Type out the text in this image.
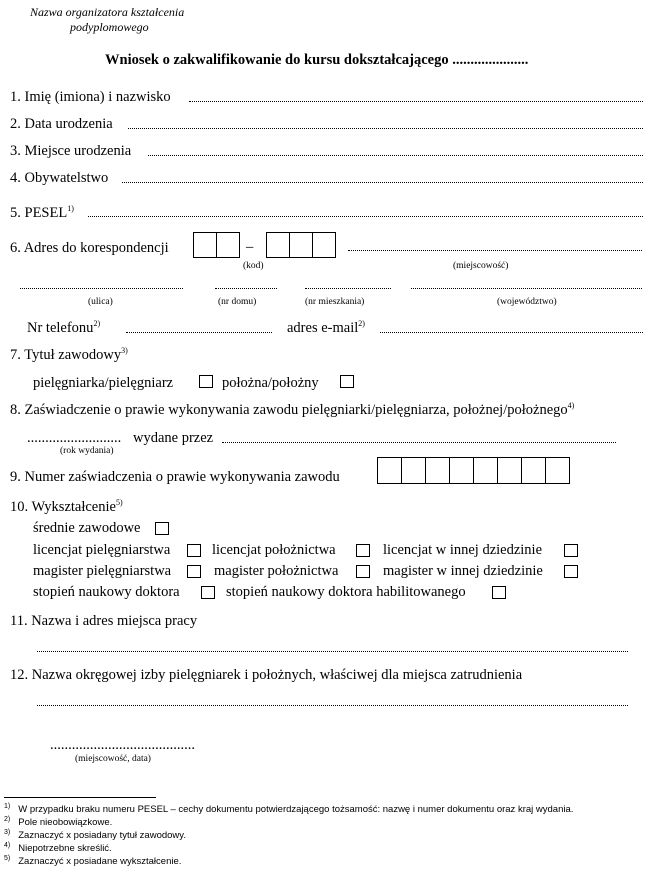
Nazwa organizatora kształcenia
podyplomowego
Wniosek o zakwalifikowanie do kursu dokształcającego .....................
1. Imię (imiona) i nazwisko
2. Data urodzenia
3. Miejsce urodzenia
4. Obywatelstwo
5. PESEL$^{1)}$
6. Adres do korespondencji	–
(kod)	(miejscowość)
(ulica)	(nr domu)	(nr mieszkania)	(województwo)
Nr telefonu$^{2)}$	adres e-mail$^{2)}$
7. Tytuł zawodowy$^{3)}$
pielęgniarka/pielęgniarz	położna/położny
8. Zaświadczenie o prawie wykonywania zawodu pielęgniarki/pielęgniarza, położnej/położnego$^{4)}$
.......................... wydane przez
(rok wydania)
9. Numer zaświadczenia o prawie wykonywania zawodu
10. Wykształcenie$^{5)}$
średnie zawodowe
licencjat pielęgniarstwa	licencjat położnictwa	licencjat w innej dziedzinie
magister pielęgniarstwa	magister położnictwa	magister w innej dziedzinie
stopień naukowy doktora	stopień naukowy doktora habilitowanego
11. Nazwa i adres miejsca pracy
12. Nazwa okręgowej izby pielęgniarek i położnych, właściwej dla miejsca zatrudnienia
........................................
(miejscowość, data)
$^{1)}$ W przypadku braku numeru PESEL – cechy dokumentu potwierdzającego tożsamość: nazwę i numer dokumentu oraz kraj wydania.
$^{2)}$ Pole nieobowiązkowe.
$^{3)}$ Zaznaczyć x posiadany tytuł zawodowy.
$^{4)}$ Niepotrzebne skreślić.
$^{5)}$ Zaznaczyć x posiadane wykształcenie.
